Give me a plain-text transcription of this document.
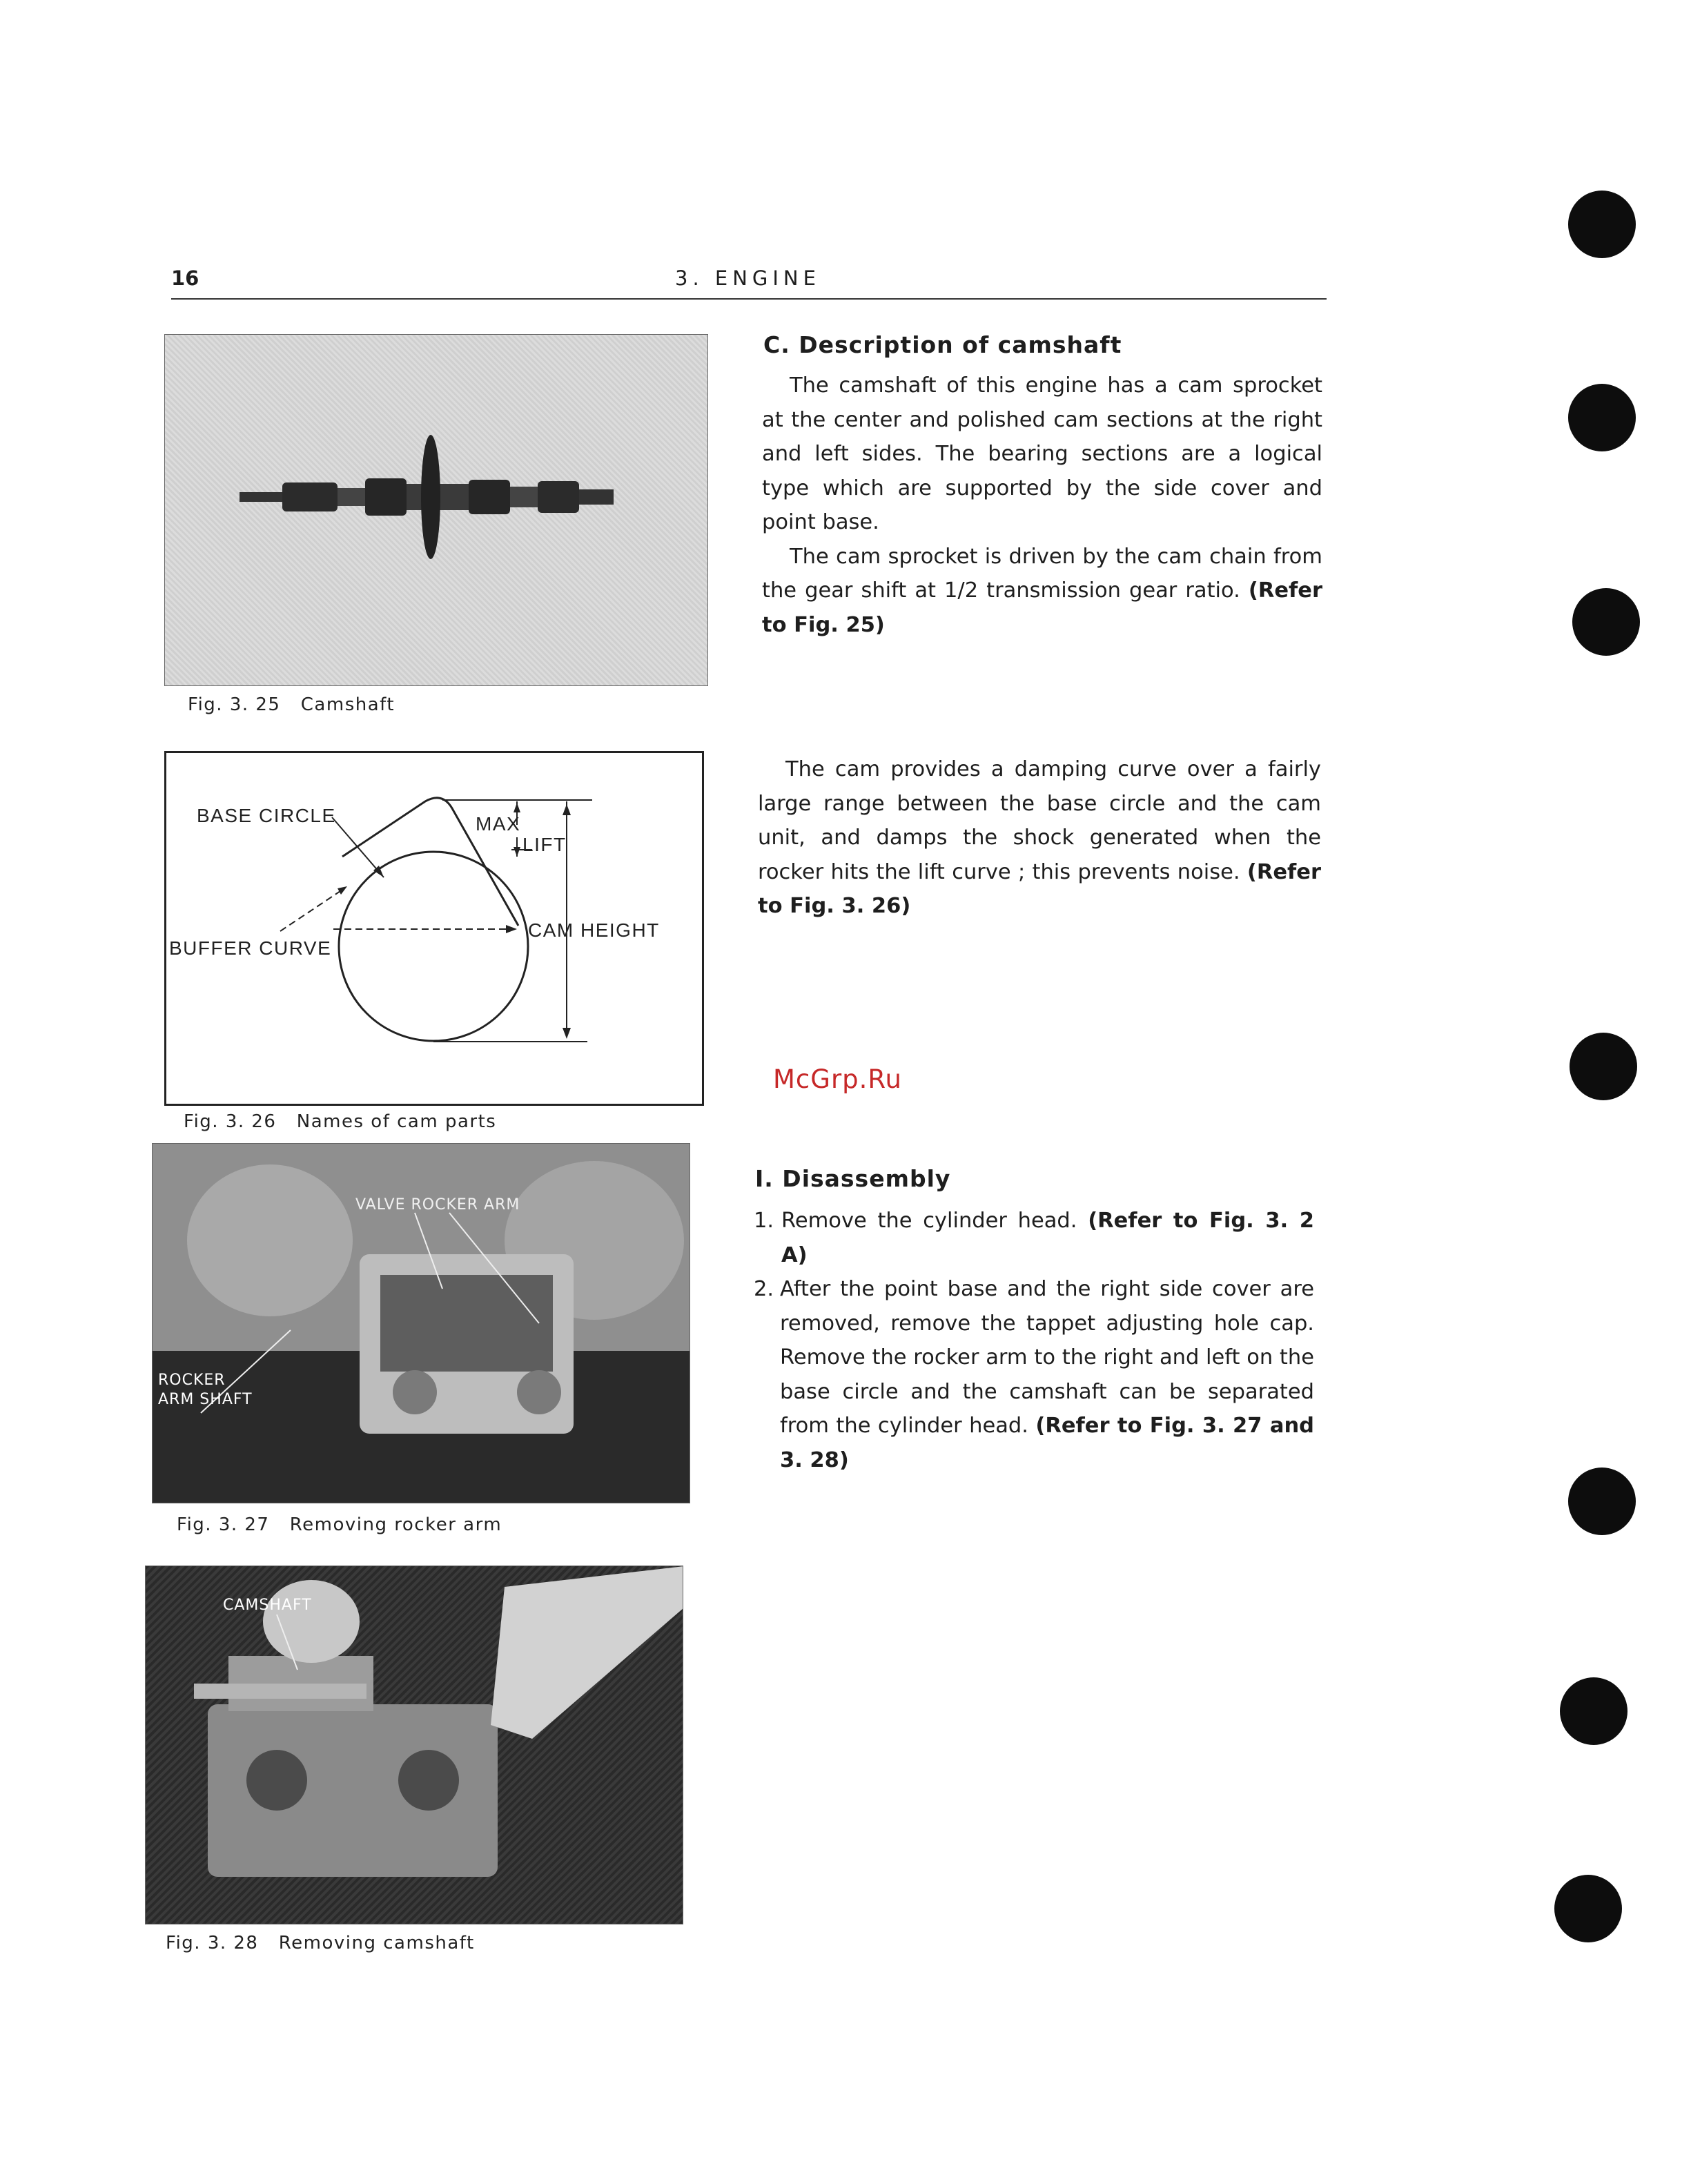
16	3. ENGINE
Fig. 3. 25 Camshaft
BASE CIRCLE	MAX
LIFT
BUFFER CURVE
CAM HEIGHT
Fig. 3. 26 Names of cam parts
VALVE ROCKER ARM
ROCKER
ARM SHAFT
Fig. 3. 27 Removing rocker arm
CAMSHAFT
Fig. 3. 28 Removing camshaft
C. Description of camshaft

The camshaft of this engine has a cam sprocket at the center and polished cam sections at the right and left sides. The bearing sections are a logical type which are supported by the side cover and point base.

The cam sprocket is driven by the cam chain from the gear shift at 1/2 transmission gear ratio. (Refer to Fig. 25)

The cam provides a damping curve over a fairly large range between the base circle and the cam unit, and damps the shock generated when the rocker hits the lift curve ; this prevents noise. (Refer to Fig. 3. 26)

McGrp.Ru
I. Disassembly
1. Remove the cylinder head. (Refer to Fig. 3. 2 A)
2. After the point base and the right side cover are removed, remove the tappet adjusting hole cap. Remove the rocker arm to the right and left on the base circle and the camshaft can be separated from the cylinder head. (Refer to Fig. 3. 27 and 3. 28)
